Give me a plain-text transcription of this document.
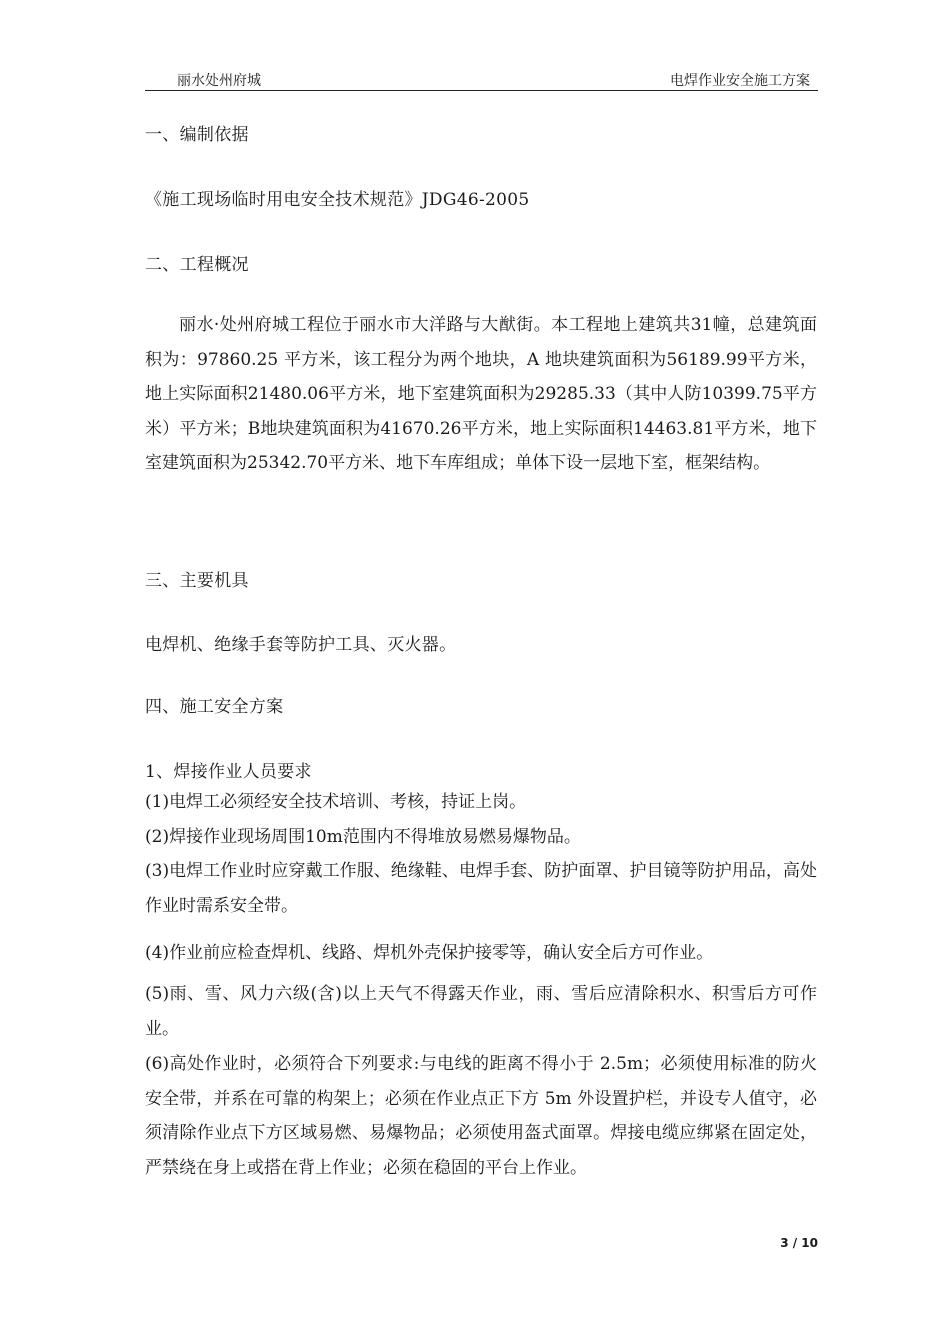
丽水处州府城	电焊作业安全施工方案
一、编制依据
《施工现场临时用电安全技术规范》JDG46-2005
二、工程概况
丽水·处州府城工程位于丽水市大洋路与大猷街。本工程地上建筑共31幢，总建筑面积为：97860.25 平方米，该工程分为两个地块，A 地块建筑面积为56189.99平方米，地上实际面积21480.06平方米，地下室建筑面积为29285.33（其中人防10399.75平方米）平方米；B地块建筑面积为41670.26平方米，地上实际面积14463.81平方米，地下室建筑面积为25342.70平方米、地下车库组成；单体下设一层地下室，框架结构。
三、主要机具
电焊机、绝缘手套等防护工具、灭火器。
四、施工安全方案
1、焊接作业人员要求
(1)电焊工必须经安全技术培训、考核，持证上岗。
(2)焊接作业现场周围10m范围内不得堆放易燃易爆物品。
(3)电焊工作业时应穿戴工作服、绝缘鞋、电焊手套、防护面罩、护目镜等防护用品，高处作业时需系安全带。
(4)作业前应检查焊机、线路、焊机外壳保护接零等，确认安全后方可作业。
(5)雨、雪、风力六级(含)以上天气不得露天作业，雨、雪后应清除积水、积雪后方可作业。
(6)高处作业时，必须符合下列要求:与电线的距离不得小于 2.5m；必须使用标准的防火安全带，并系在可靠的构架上；必须在作业点正下方 5m 外设置护栏，并设专人值守，必须清除作业点下方区域易燃、易爆物品；必须使用盔式面罩。焊接电缆应绑紧在固定处，严禁绕在身上或搭在背上作业；必须在稳固的平台上作业。
3 / 10
